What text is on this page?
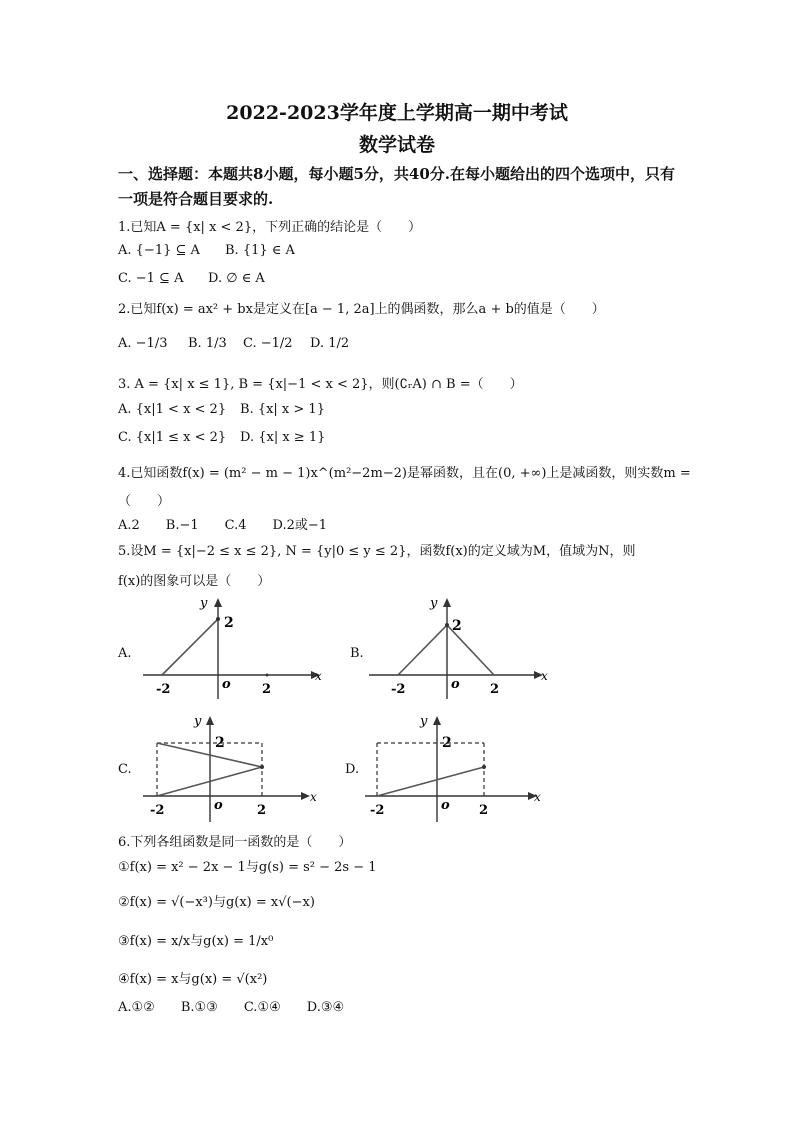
2022-2023学年度上学期高一期中考试
数学试卷
一、选择题：本题共8小题，每小题5分，共40分.在每小题给出的四个选项中，只有一项是符合题目要求的.
1.已知A = {x| x < 2}，下列正确的结论是（　　）
A. {−1} ⊆ A B. {1} ∈ A
C. −1 ⊆ A D. ∅ ∈ A
2.已知f(x) = ax² + bx是定义在[a − 1, 2a]上的偶函数，那么a + b的值是（　　）
A. −1/3 B. 1/3 C. −1/2 D. 1/2
3. A = {x| x ≤ 1}, B = {x|−1 < x < 2}，则(∁ᵣA) ∩ B =（　　）
A. {x|1 < x < 2} B. {x| x > 1}
C. {x|1 ≤ x < 2} D. {x| x ≥ 1}
4.已知函数f(x) = (m² − m − 1)x^(m²−2m−2)是幂函数，且在(0, +∞)上是减函数，则实数m =
（　　）
A.2　　B.−1　　C.4　　D.2或−1
5.设M = {x|−2 ≤ x ≤ 2}, N = {y|0 ≤ y ≤ 2}，函数f(x)的定义域为M，值域为N，则
f(x)的图象可以是（　　）
A.	B.
C.	D.
y
2
o
-2	2
x
y
2
o
-2	2
x
y
2
o
-2	2
x
y
2
o
-2	2
x
6.下列各组函数是同一函数的是（　　）
①f(x) = x² − 2x − 1与g(s) = s² − 2s − 1
②f(x) = √(−x³)与g(x) = x√(−x)
③f(x) = x/x与g(x) = 1/x⁰
④f(x) = x与g(x) = √(x²)
A.①②　　B.①③　　C.①④　　D.③④
